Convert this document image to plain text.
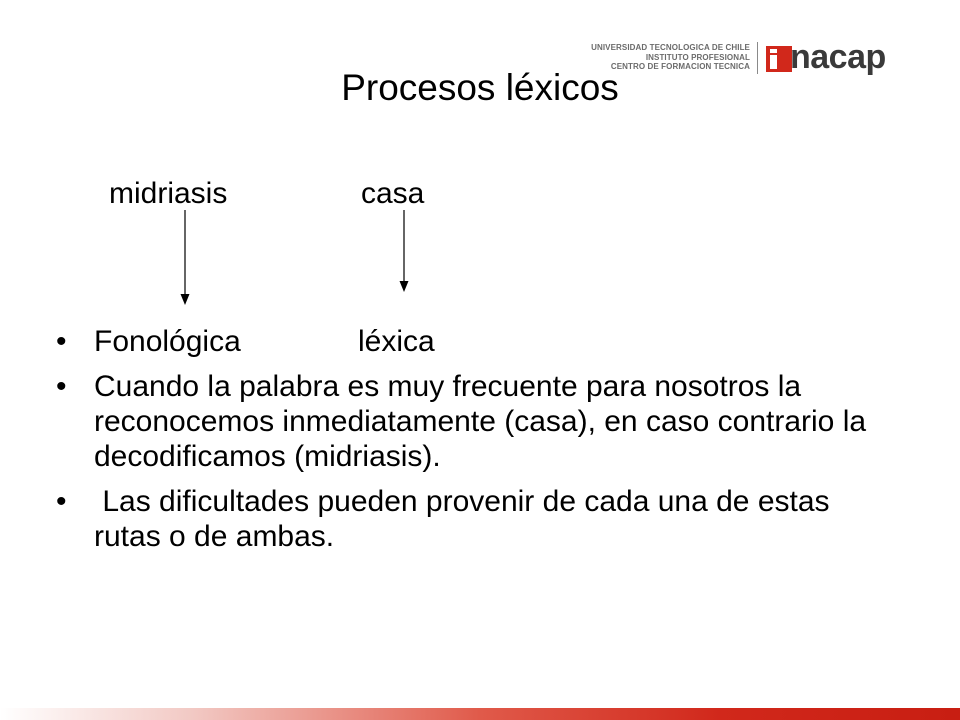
UNIVERSIDAD TECNOLOGICA DE CHILE
INSTITUTO PROFESIONAL
CENTRO DE FORMACION TECNICA nacap
Procesos léxicos
midriasis	casa
• Fonológica	léxica
• Cuando la palabra es muy frecuente para nosotros la reconocemos inmediatamente (casa), en caso contrario la decodificamos (midriasis).
• Las dificultades pueden provenir de cada una de estas rutas o de ambas.
